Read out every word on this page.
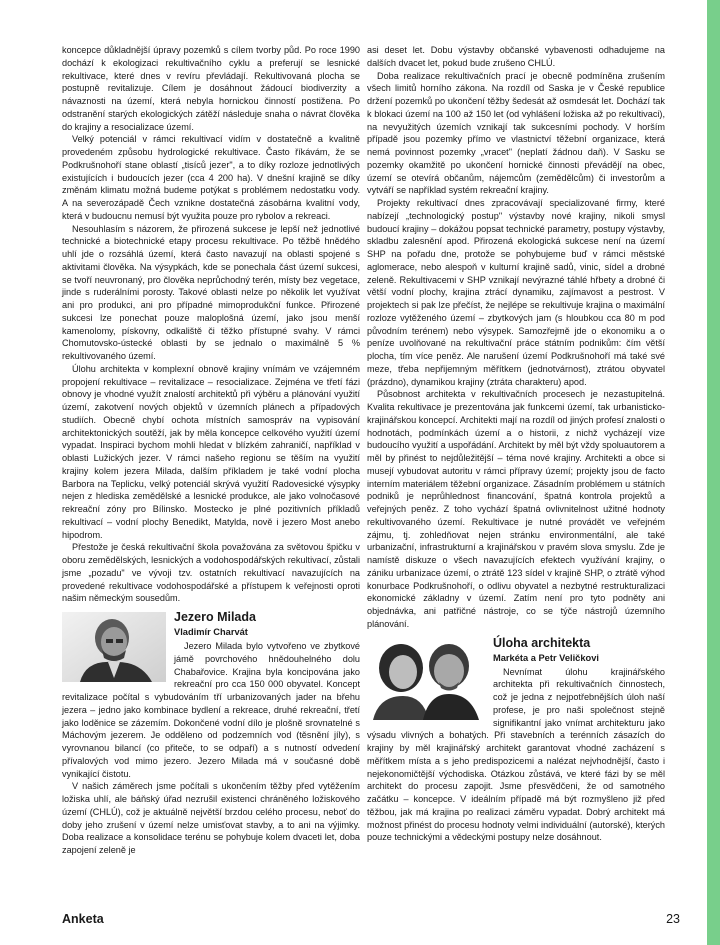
koncepce důkladnější úpravy pozemků s cílem tvorby půd. Po roce 1990 dochází k ekologizaci rekultivačního cyklu a preferují se lesnické rekultivace, které dnes v revíru převládají. Rekultivovaná plocha se postupně revitalizuje. Cílem je dosáhnout žádoucí biodiverzity a návaznosti na území, která nebyla hornickou činností postižena. Po odstranění starých ekologických zátěží následuje snaha o návrat člověka do krajiny a resocializace území.

Velký potenciál v rámci rekultivací vidím v dostatečně a kvalitně provedeném způsobu hydrologické rekultivace. Často říkávám, že se Podkrušnohoří stane oblastí „tisíců jezer", a to díky rozloze jednotlivých existujících i budoucích jezer (cca 4 200 ha). V dnešní krajině se díky změnám klimatu možná budeme potýkat s problémem nedostatku vody. A na severozápadě Čech vznikne dostatečná zásobárna kvalitní vody, která v budoucnu nemusí být využita pouze pro rybolov a rekreaci.

Nesouhlasím s názorem, že přirozená sukcese je lepší než jednotlivé technické a biotechnické etapy procesu rekultivace. Po těžbě hnědého uhlí jde o rozsáhlá území, která často navazují na oblasti spojené s aktivitami člověka. Na výsypkách, kde se ponechala část území sukcesi, se tvoří neuvronaný, pro člověka neprůchodný terén, místy bez vegetace, jinde s ruderálními porosty. Takové oblasti nelze po několik let využívat ani pro produkci, ani pro případné mimoprodukční funkce. Přirozené sukcesi lze ponechat pouze maloplošná území, jako jsou menší kamenolomy, pískovny, odkaliště či těžko přístupné svahy. V rámci Chomutovsko-ústecké oblasti by se jednalo o maximálně 5 % rekultivovaného území.

Úlohu architekta v komplexní obnově krajiny vnímám ve vzájemném propojení rekultivace – revitalizace – resocializace. Zejména ve třetí fázi obnovy je vhodné využít znalostí architektů při výběru a plánování využití území, zakotvení nových objektů v územních plánech a případových studiích. Obecně chybí ochota místních samospráv na vypisování architektonických soutěží, jak by měla koncepce celkového využití území vypadat. Inspiraci bychom mohli hledat v blízkém zahraničí, například v oblasti Lužických jezer. V rámci našeho regionu se těším na využití krajiny kolem jezera Milada, dalším příkladem je také vodní plocha Barbora na Teplicku, velký potenciál skrývá využití Radovesické výsypky nejen z hlediska zemědělské a lesnické produkce, ale jako volnočasové rekreační zóny pro Bílinsko. Mostecko je plné pozitivních příkladů rekultivací – vodní plochy Benedikt, Matylda, nově i jezero Most anebo hipodrom.

Přestože je česká rekultivační škola považována za světovou špičku v oboru zemědělských, lesnických a vodohospodářských rekultivací, zůstali jsme „pozadu" ve vývoji tzv. ostatních rekultivací navazujících na provedené rekultivace vodohospodářské a přístupem k veřejnosti oproti našim německým sousedům.

Jezero Milada
Vladimír Charvát

Jezero Milada bylo vytvořeno ve zbytkové jámě povrchového hnědouhelného dolu Chabařovice. Krajina byla koncipována jako rekreační pro cca 150 000 obyvatel. Koncept revitalizace počítal s vybudováním tří urbanizovaných jader na břehu jezera – jedno jako kombinace bydlení a rekreace, druhé rekreační, třetí jako loděnice se zázemím. Dokončené vodní dílo je plošně srovnatelné s Máchovým jezerem. Je odděleno od podzemních vod (těsnění jíly), s vyrovnanou bilancí (co přiteče, to se odpaří) a s nutností odvedení přívalových vod mimo jezero. Jezero Milada má v současné době vynikající čistotu.

V našich záměrech jsme počítali s ukončením těžby před vytěžením ložiska uhlí, ale báňský úřad nezrušil existenci chráněného ložiskového území (CHLÚ), což je aktuálně největší brzdou celého procesu, neboť do doby jeho zrušení v území nelze umisťovat stavby, a to ani na výjimky. Doba realizace a konsolidace terénu se pohybuje kolem dvaceti let, doba zapojení zeleně je

asi deset let. Dobu výstavby občanské vybavenosti odhadujeme na dalších dvacet let, pokud bude zrušeno CHLÚ.

Doba realizace rekultivačních prací je obecně podmíněna zrušením všech limitů horního zákona. Na rozdíl od Saska je v České republice držení pozemků po ukončení těžby šedesát až osmdesát let. Dochází tak k blokaci území na 100 až 150 let (od vyhlášení ložiska až po rekultivaci), na nevyužitých územích vznikají tak sukcesními pochody. V horším případě jsou pozemky přímo ve vlastnictví těžební organizace, která nemá povinnost pozemky „vracet" (neplatí žádnou daň). V Sasku se pozemky okamžitě po ukončení hornické činnosti převádějí na obec, území se otevírá občanům, nájemcům (zemědělcům) či investorům a vytváří se například systém rekreační krajiny.

Projekty rekultivací dnes zpracovávají specializované firmy, které nabízejí „technologický postup" výstavby nové krajiny, nikoli smysl budoucí krajiny – dokážou popsat technické parametry, postupy výstavby, skladbu zalesnění apod. Přirozená ekologická sukcese není na území SHP na pořadu dne, protože se pohybujeme buď v rámci městské aglomerace, nebo alespoň v kulturní krajině sadů, vinic, sídel a drobné zeleně. Rekultivacemi v SHP vznikají nevýrazné táhlé hřbety a drobné či větší vodní plochy, krajina ztrácí dynamiku, zajímavost a pestrost. V projektech si pak lze přečíst, že nejlépe se rekultivuje krajina o maximální rozloze vytěženého území – zbytkových jam (s hloubkou cca 80 m pod původním terénem) nebo výsypek. Samozřejmě jde o ekonomiku a o peníze uvolňované na rekultivační práce státním podnikům: čím větší plocha, tím více peněz. Ale narušení území Podkrušnohoří má také své meze, třeba nepřijemným měřítkem (jednotvárnost), ztrátou obyvatel (prázdno), dynamikou krajiny (ztráta charakteru) apod.

Působnost architekta v rekultivačních procesech je nezastupitelná. Kvalita rekultivace je prezentována jak funkcemi území, tak urbanisticko-krajinářskou koncepcí. Architekti mají na rozdíl od jiných profesí znalosti o hodnotách, podmínkách území a o historii, z nichž vycházejí vize budoucího využití a uspořádání. Architekt by měl být vždy spoluautorem a měl by přinést to nejdůležitější – téma nové krajiny. Architekti a obce si musejí vybudovat autoritu v rámci přípravy území; projekty jsou de facto interním materiálem těžební organizace. Zásadním problémem u státních podniků je neprůhlednost financování, špatná kontrola projektů a veřejných peněz. Z toho vychází špatná ovlivnitelnost užitné hodnoty rekultivovaného území. Rekultivace je nutné provádět ve veřejném zájmu, tj. zohledňovat nejen stránku environmentální, ale také urbanizační, infrastrukturní a krajinářskou v pravém slova smyslu. Zde je namístě diskuze o všech navazujících efektech využívání krajiny, o zániku urbanizace území, o ztrátě 123 sídel v krajině SHP, o ztrátě výhod konurbace Podkrušnohoří, o odlivu obyvatel a nezbytné restrukturalizaci ekonomické základny v území. Zatím není pro tyto podněty ani objednávka, ani patřičné nástroje, co se týče nástrojů územního plánování.

Úloha architekta
Markéta a Petr Veličkovi

Nevnímat úlohu krajinářského architekta při rekultivačních činnostech, což je jedna z nejpotřebnějších úloh naší profese, je pro naši společnost stejně signifikantní jako vnímat architekturu jako výsadu vlivných a bohatých. Při stavebních a terénních zásazích do krajiny by měl krajinářský architekt garantovat vhodné zacházení s měřítkem místa a s jeho predispozicemi a nalézat nejvhodnější, často i nejekonomičtější východiska. Otázkou zůstává, ve které fázi by se měl architekt do procesu zapojit. Jsme přesvědčeni, že od samotného začátku – koncepce. V ideálním případě má být rozmyšleno již před těžbou, jak má krajina po realizaci záměru vypadat. Dobrý architekt má možnost přinést do procesu hodnoty velmi individuální (autorské), kterých pouze technickými a vědeckými postupy nelze dosáhnout.

Anketa	23
